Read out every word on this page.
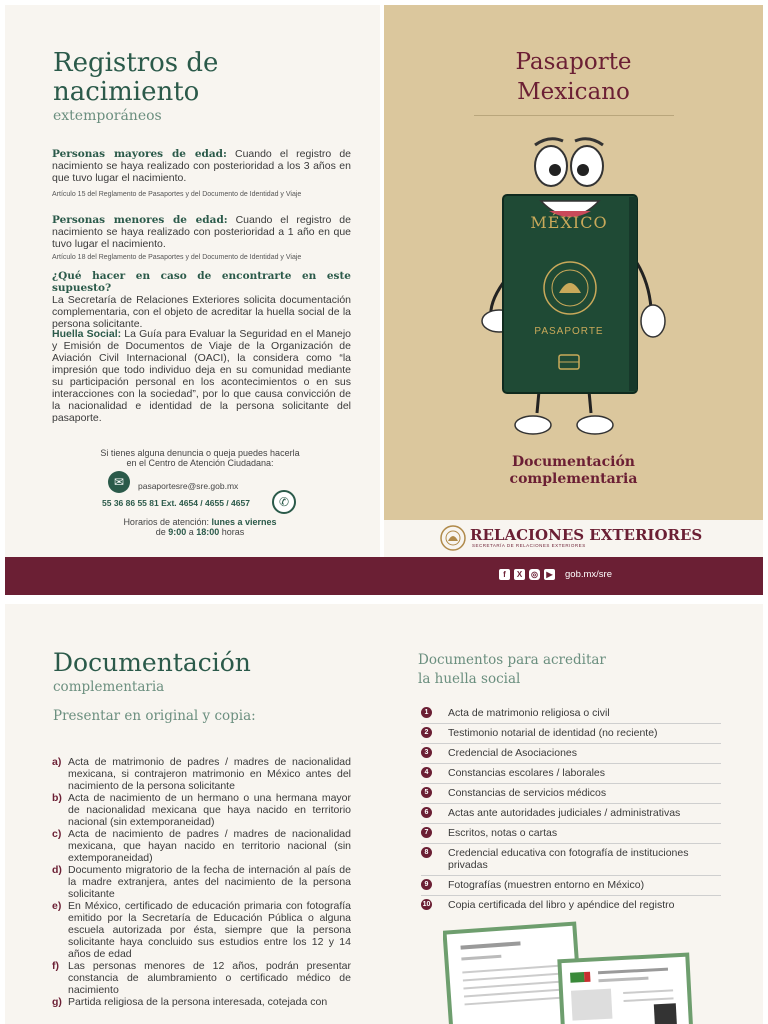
Registros de
nacimiento
extemporáneos
Personas mayores de edad: Cuando el registro de nacimiento se haya realizado con posterioridad a los 3 años en que tuvo lugar el nacimiento.
Artículo 15 del Reglamento de Pasaportes y del Documento de Identidad y Viaje
Personas menores de edad: Cuando el registro de nacimiento se haya realizado con posterioridad a 1 año en que tuvo lugar el nacimiento.
Artículo 18 del Reglamento de Pasaportes y del Documento de Identidad y Viaje
¿Qué hacer en caso de encontrarte en este supuesto?
La Secretaría de Relaciones Exteriores solicita documentación complementaria, con el objeto de acreditar la huella social de la persona solicitante.
Huella Social: La Guía para Evaluar la Seguridad en el Manejo y Emisión de Documentos de Viaje de la Organización de Aviación Civil Internacional (OACI), la considera como “la impresión que todo individuo deja en su comunidad mediante su participación personal en los acontecimientos o en sus interacciones con la sociedad”, por lo que causa convicción de la nacionalidad e identidad de la persona solicitante del pasaporte.
Si tienes alguna denuncia o queja puedes hacerla
en el Centro de Atención Ciudadana:
✉	pasaportesre@sre.gob.mx
55 36 86 55 81 Ext. 4654 / 4655 / 4657	✆
Horarios de atención: lunes a viernes
de 9:00 a 18:00 horas
Pasaporte
Mexicano
MÉXICO
PASAPORTE
Documentación
complementaria
RELACIONES EXTERIORES
SECRETARÍA DE RELACIONES EXTERIORES
f	X	◎	▶ gob.mx/sre
Documentación
complementaria
Presentar en original y copia:
a) Acta de matrimonio de padres / madres de nacionalidad mexicana, si contrajeron matrimonio en México antes del nacimiento de la persona solicitante
b) Acta de nacimiento de un hermano o una hermana mayor de nacionalidad mexicana que haya nacido en territorio nacional (sin extemporaneidad)
c) Acta de nacimiento de padres / madres de nacionalidad mexicana, que hayan nacido en territorio nacional (sin extemporaneidad)
d) Documento migratorio de la fecha de internación al país de la madre extranjera, antes del nacimiento de la persona solicitante
e) En México, certificado de educación primaria con fotografía emitido por la Secretaría de Educación Pública o alguna escuela autorizada por ésta, siempre que la persona solicitante haya concluido sus estudios entre los 12 y 14 años de edad
f) Las personas menores de 12 años, podrán presentar constancia de alumbramiento o certificado médico de nacimiento
g) Partida religiosa de la persona interesada, cotejada con
Documentos para acreditar
la huella social
1	Acta de matrimonio religiosa o civil
2	Testimonio notarial de identidad (no reciente)
3	Credencial de Asociaciones
4	Constancias escolares / laborales
5	Constancias de servicios médicos
6	Actas ante autoridades judiciales / administrativas
7	Escritos, notas o cartas
8	Credencial educativa con fotografía de instituciones privadas
9	Fotografías (muestren entorno en México)
10 Copia certificada del libro y apéndice del registro
